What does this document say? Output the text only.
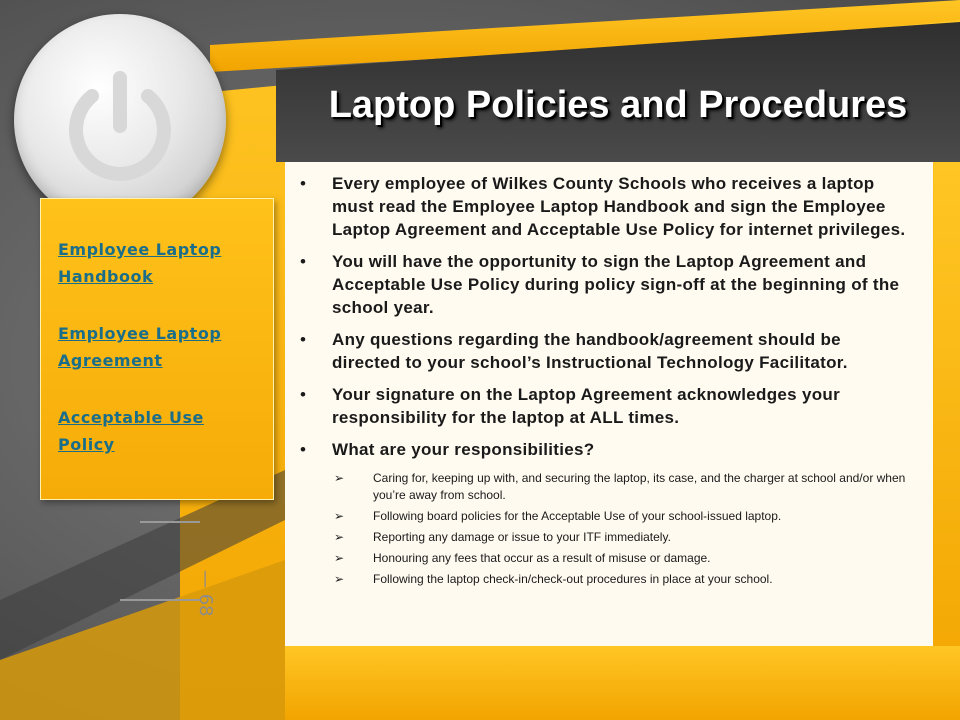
— 68
Employee Laptop Handbook
Employee Laptop Agreement
Acceptable Use Policy
Laptop Policies and Procedures
• Every employee of Wilkes County Schools who receives a laptop must read the Employee Laptop Handbook and sign the Employee Laptop Agreement and Acceptable Use Policy for internet privileges.
• You will have the opportunity to sign the Laptop Agreement and Acceptable Use Policy during policy sign-off at the beginning of the school year.
• Any questions regarding the handbook/agreement should be directed to your school’s Instructional Technology Facilitator.
• Your signature on the Laptop Agreement acknowledges your responsibility for the laptop at ALL times.
• What are your responsibilities?
➢ Caring for, keeping up with, and securing the laptop, its case, and the charger at school and/or when you’re away from school.
➢ Following board policies for the Acceptable Use of your school-issued laptop.
➢ Reporting any damage or issue to your ITF immediately.
➢ Honouring any fees that occur as a result of misuse or damage.
➢ Following the laptop check-in/check-out procedures in place at your school.
